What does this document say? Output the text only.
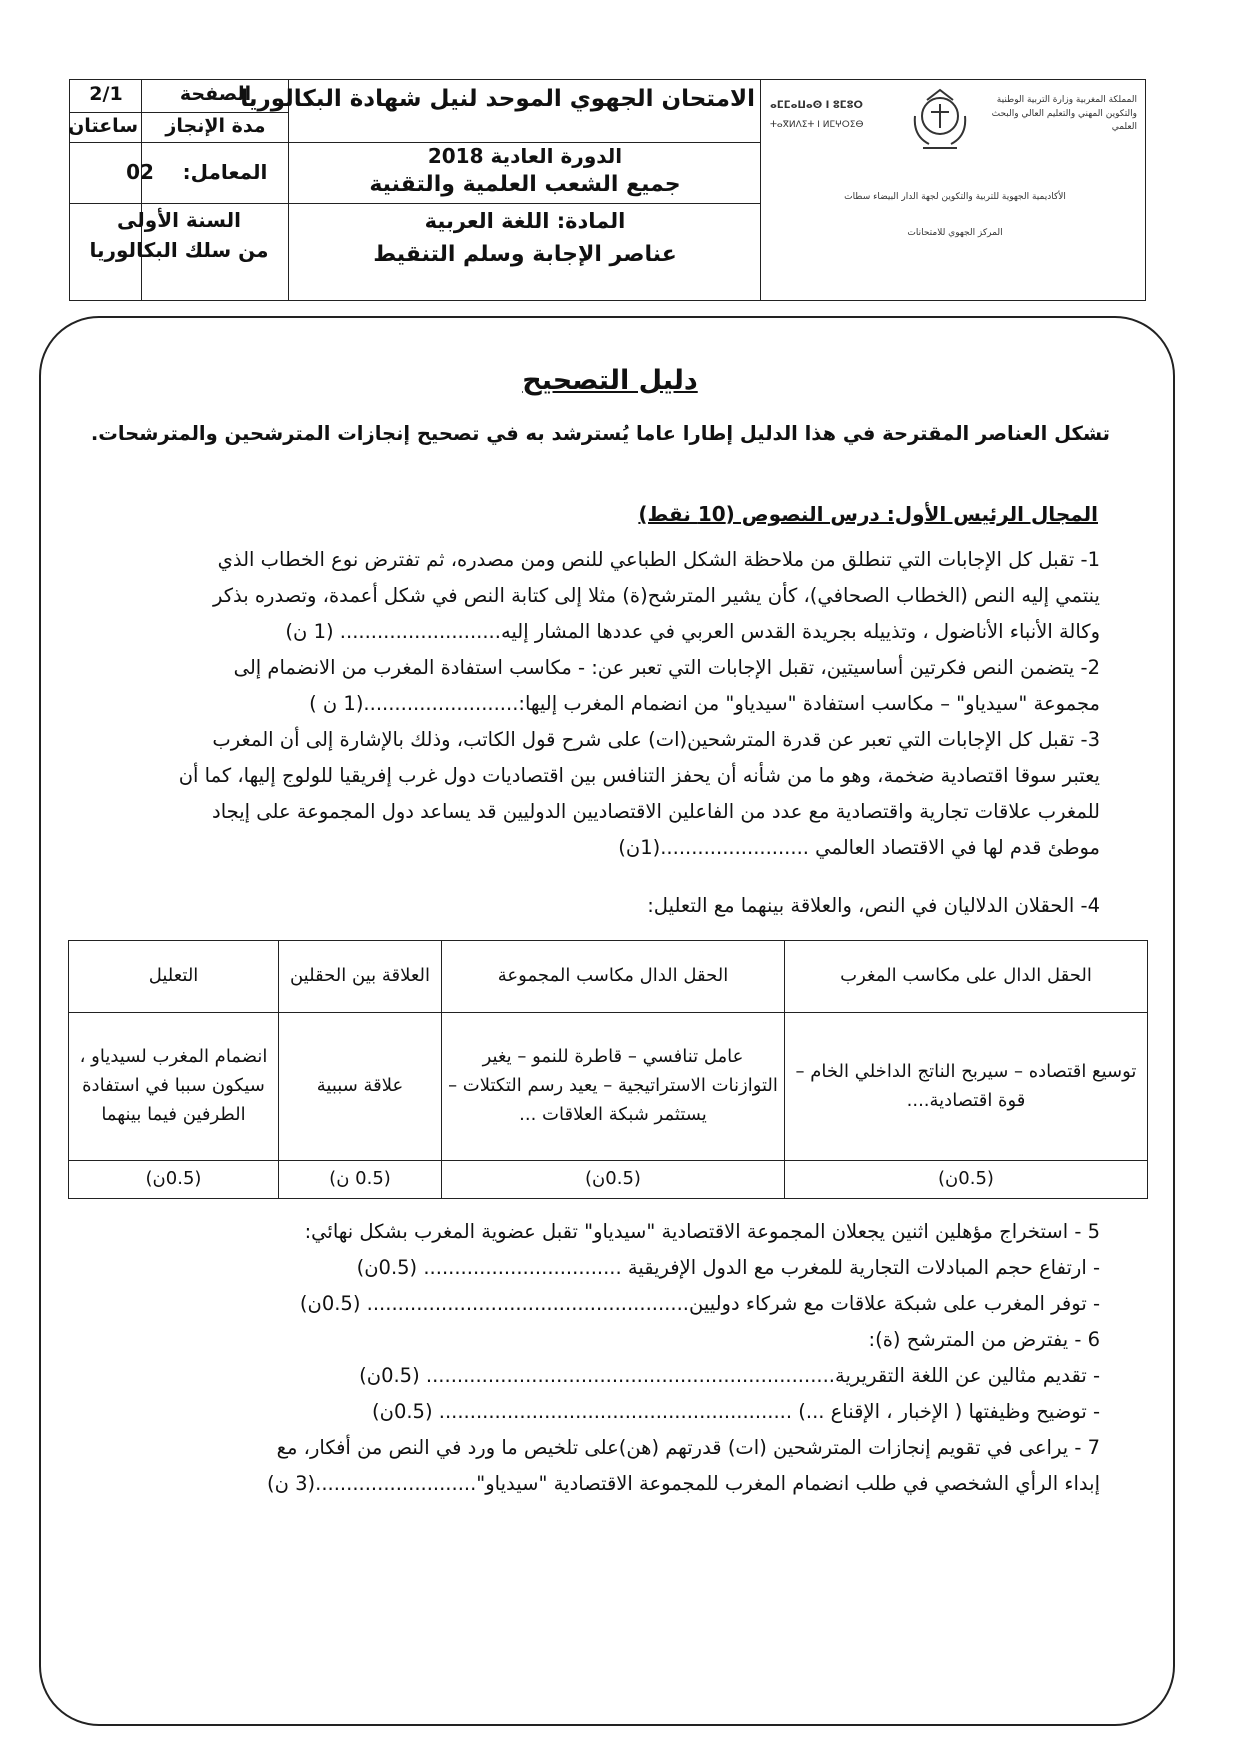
الصفحة
2/1
مدة الإنجاز
ساعتان
المعامل:
02
السنة الأولى
من سلك البكالوريا
الامتحان الجهوي الموحد لنيل شهادة البكالوريا
الدورة العادية 2018
جميع الشعب العلمية والتقنية
المادة: اللغة العربية
عناصر الإجابة وسلم التنقيط
ⴰⵎⵎⴰⵡⴰⵙ ⵏ ⵓⵎⵓⵔ
ⵜⴰⴳⵍⴷⵉⵜ ⵏ ⵍⵎⵖⵔⵉⴱ
المملكة المغربية وزارة التربية الوطنية والتكوين المهني والتعليم العالي والبحث العلمي
الأكاديمية الجهوية للتربية والتكوين لجهة الدار البيضاء سطات
المركز الجهوي للامتحانات
دليل التصحيح
تشكل العناصر المقترحة في هذا الدليل إطارا عاما يُسترشد به في تصحيح إنجازات المترشحين والمترشحات.
المجال الرئيس الأول: درس النصوص (10 نقط)
1- تقبل كل الإجابات التي تنطلق من ملاحظة الشكل الطباعي للنص ومن مصدره، ثم تفترض نوع الخطاب الذي
ينتمي إليه النص (الخطاب الصحافي)، كأن يشير المترشح(ة) مثلا إلى كتابة النص في شكل أعمدة، وتصدره بذكر
وكالة الأنباء الأناضول ، وتذييله بجريدة القدس العربي في عددها المشار إليه.......................... (1 ن)
2- يتضمن النص فكرتين أساسيتين، تقبل الإجابات التي تعبر عن: - مكاسب استفادة المغرب من الانضمام إلى
مجموعة "سيدياو" – مكاسب استفادة "سيدياو" من انضمام المغرب إليها:.........................(1 ن )
3- تقبل كل الإجابات التي تعبر عن قدرة المترشحين(ات) على شرح قول الكاتب، وذلك بالإشارة إلى أن المغرب
يعتبر سوقا اقتصادية ضخمة، وهو ما من شأنه أن يحفز التنافس بين اقتصاديات دول غرب إفريقيا للولوج إليها، كما أن
للمغرب علاقات تجارية واقتصادية مع عدد من الفاعلين الاقتصاديين الدوليين قد يساعد دول المجموعة على إيجاد
موطئ قدم لها في الاقتصاد العالمي ........................(1ن)
4- الحقلان الدلاليان في النص، والعلاقة بينهما مع التعليل:
الحقل الدال على مكاسب المغرب	الحقل الدال مكاسب المجموعة	العلاقة بين الحقلين	التعليل
توسيع اقتصاده – سيربح الناتج الداخلي الخام – قوة اقتصادية....	عامل تنافسي – قاطرة للنمو – يغير التوازنات الاستراتيجية – يعيد رسم التكتلات – يستثمر شبكة العلاقات ...	علاقة سببية	انضمام المغرب لسيدياو ، سيكون سببا في استفادة الطرفين فيما بينهما
(0.5ن)	(0.5ن)	(0.5 ن)	(0.5ن)
5 - استخراج مؤهلين اثنين يجعلان المجموعة الاقتصادية "سيدياو" تقبل عضوية المغرب بشكل نهائي:
- ارتفاع حجم المبادلات التجارية للمغرب مع الدول الإفريقية ................................ (0.5ن)
- توفر المغرب على شبكة علاقات مع شركاء دوليين.................................................... (0.5ن)
6 - يفترض من المترشح (ة):
- تقديم مثالين عن اللغة التقريرية.................................................................. (0.5ن)
- توضيح وظيفتها ( الإخبار ، الإقناع ...) ......................................................... (0.5ن)
7 - يراعى في تقويم إنجازات المترشحين (ات) قدرتهم (هن)على تلخيص ما ورد في النص من أفكار، مع
إبداء الرأي الشخصي في طلب انضمام المغرب للمجموعة الاقتصادية "سيدياو"..........................(3 ن)
